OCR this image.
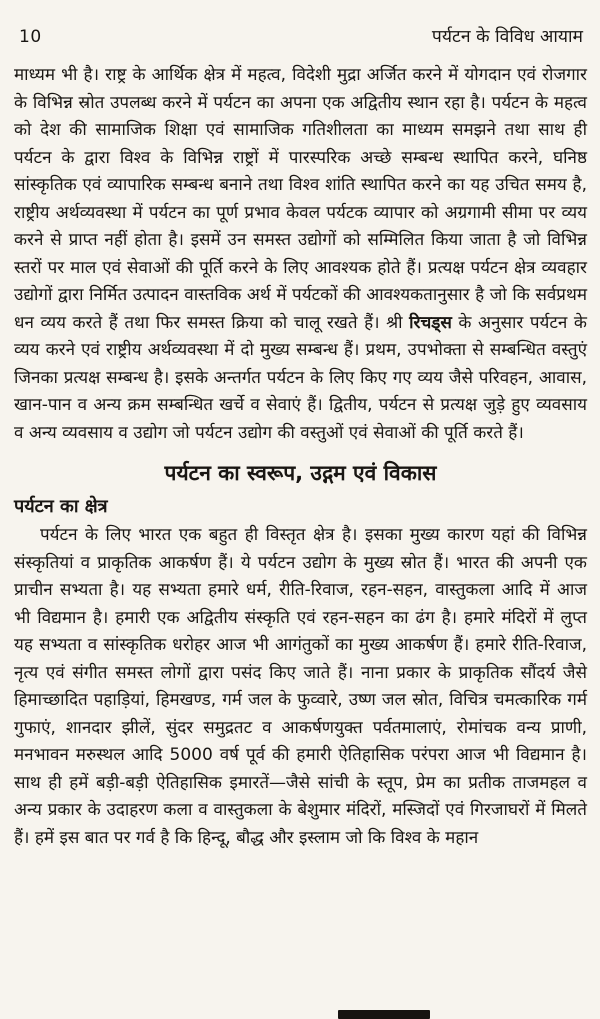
10	पर्यटन के विविध आयाम

माध्यम भी है। राष्ट्र के आर्थिक क्षेत्र में महत्व, विदेशी मुद्रा अर्जित करने में योगदान एवं रोजगार के विभिन्न स्रोत उपलब्ध करने में पर्यटन का अपना एक अद्वितीय स्थान रहा है। पर्यटन के महत्व को देश की सामाजिक शिक्षा एवं सामाजिक गतिशीलता का माध्यम समझने तथा साथ ही पर्यटन के द्वारा विश्व के विभिन्न राष्ट्रों में पारस्परिक अच्छे सम्बन्ध स्थापित करने, घनिष्ठ सांस्कृतिक एवं व्यापारिक सम्बन्ध बनाने तथा विश्व शांति स्थापित करने का यह उचित समय है, राष्ट्रीय अर्थव्यवस्था में पर्यटन का पूर्ण प्रभाव केवल पर्यटक व्यापार को अग्रगामी सीमा पर व्यय करने से प्राप्त नहीं होता है। इसमें उन समस्त उद्योगों को सम्मिलित किया जाता है जो विभिन्न स्तरों पर माल एवं सेवाओं की पूर्ति करने के लिए आवश्यक होते हैं। प्रत्यक्ष पर्यटन क्षेत्र व्यवहार उद्योगों द्वारा निर्मित उत्पादन वास्तविक अर्थ में पर्यटकों की आवश्यकतानुसार है जो कि सर्वप्रथम धन व्यय करते हैं तथा फिर समस्त क्रिया को चालू रखते हैं। श्री रिचड्स के अनुसार पर्यटन के व्यय करने एवं राष्ट्रीय अर्थव्यवस्था में दो मुख्य सम्बन्ध हैं। प्रथम, उपभोक्ता से सम्बन्धित वस्तुएं जिनका प्रत्यक्ष सम्बन्ध है। इसके अन्तर्गत पर्यटन के लिए किए गए व्यय जैसे परिवहन, आवास, खान-पान व अन्य क्रम सम्बन्धित खर्चे व सेवाएं हैं। द्वितीय, पर्यटन से प्रत्यक्ष जुड़े हुए व्यवसाय व अन्य व्यवसाय व उद्योग जो पर्यटन उद्योग की वस्तुओं एवं सेवाओं की पूर्ति करते हैं।

पर्यटन का स्वरूप, उद्गम एवं विकास
पर्यटन का क्षेत्र

पर्यटन के लिए भारत एक बहुत ही विस्तृत क्षेत्र है। इसका मुख्य कारण यहां की विभिन्न संस्कृतियां व प्राकृतिक आकर्षण हैं। ये पर्यटन उद्योग के मुख्य स्रोत हैं। भारत की अपनी एक प्राचीन सभ्यता है। यह सभ्यता हमारे धर्म, रीति-रिवाज, रहन-सहन, वास्तुकला आदि में आज भी विद्यमान है। हमारी एक अद्वितीय संस्कृति एवं रहन-सहन का ढंग है। हमारे मंदिरों में लुप्त यह सभ्यता व सांस्कृतिक धरोहर आज भी आगंतुकों का मुख्य आकर्षण हैं। हमारे रीति-रिवाज, नृत्य एवं संगीत समस्त लोगों द्वारा पसंद किए जाते हैं। नाना प्रकार के प्राकृतिक सौंदर्य जैसे हिमाच्छादित पहाड़ियां, हिमखण्ड, गर्म जल के फुव्वारे, उष्ण जल स्रोत, विचित्र चमत्कारिक गर्म गुफाएं, शानदार झीलें, सुंदर समुद्रतट व आकर्षणयुक्त पर्वतमालाएं, रोमांचक वन्य प्राणी, मनभावन मरुस्थल आदि 5000 वर्ष पूर्व की हमारी ऐतिहासिक परंपरा आज भी विद्यमान है। साथ ही हमें बड़ी-बड़ी ऐतिहासिक इमारतें—जैसे सांची के स्तूप, प्रेम का प्रतीक ताजमहल व अन्य प्रकार के उदाहरण कला व वास्तुकला के बेशुमार मंदिरों, मस्जिदों एवं गिरजाघरों में मिलते हैं। हमें इस बात पर गर्व है कि हिन्दू, बौद्ध और इस्लाम जो कि विश्व के महान
